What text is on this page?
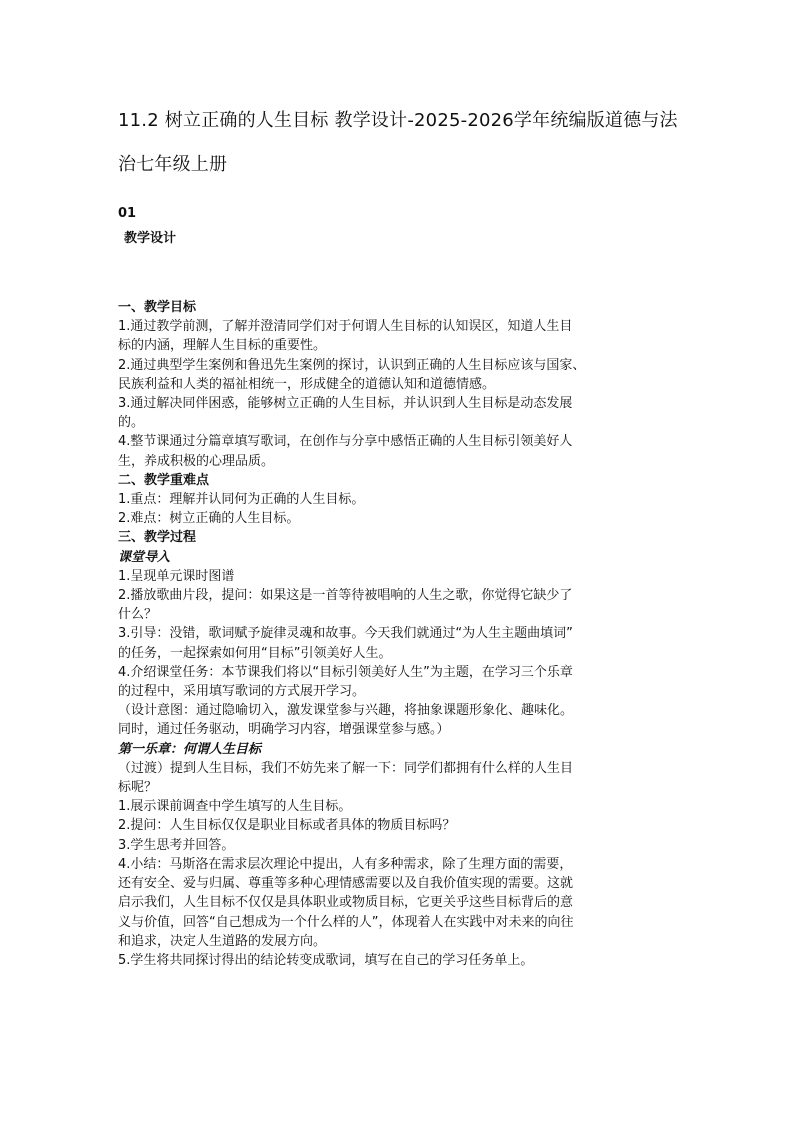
11.2 树立正确的人生目标 教学设计-2025-2026学年统编版道德与法
治七年级上册
01
教学设计

一、教学目标

1.通过教学前测，了解并澄清同学们对于何谓人生目标的认知误区，知道人生目
标的内涵，理解人生目标的重要性。

2.通过典型学生案例和鲁迅先生案例的探讨，认识到正确的人生目标应该与国家、
民族利益和人类的福祉相统一，形成健全的道德认知和道德情感。

3.通过解决同伴困惑，能够树立正确的人生目标，并认识到人生目标是动态发展
的。

4.整节课通过分篇章填写歌词，在创作与分享中感悟正确的人生目标引领美好人
生，养成积极的心理品质。

二、教学重难点

1.重点：理解并认同何为正确的人生目标。

2.难点：树立正确的人生目标。

三、教学过程

课堂导入

1.呈现单元课时图谱

2.播放歌曲片段，提问：如果这是一首等待被唱响的人生之歌，你觉得它缺少了
什么？

3.引导：没错，歌词赋予旋律灵魂和故事。今天我们就通过“为人生主题曲填词”
的任务，一起探索如何用“目标”引领美好人生。

4.介绍课堂任务：本节课我们将以“目标引领美好人生”为主题，在学习三个乐章
的过程中，采用填写歌词的方式展开学习。

（设计意图：通过隐喻切入，激发课堂参与兴趣，将抽象课题形象化、趣味化。
同时，通过任务驱动，明确学习内容，增强课堂参与感。）

第一乐章：何谓人生目标

（过渡）提到人生目标，我们不妨先来了解一下：同学们都拥有什么样的人生目
标呢？

1.展示课前调查中学生填写的人生目标。

2.提问：人生目标仅仅是职业目标或者具体的物质目标吗？

3.学生思考并回答。

4.小结：马斯洛在需求层次理论中提出，人有多种需求，除了生理方面的需要，
还有安全、爱与归属、尊重等多种心理情感需要以及自我价值实现的需要。这就
启示我们，人生目标不仅仅是具体职业或物质目标，它更关乎这些目标背后的意
义与价值，回答“自己想成为一个什么样的人”，体现着人在实践中对未来的向往
和追求，决定人生道路的发展方向。

5.学生将共同探讨得出的结论转变成歌词，填写在自己的学习任务单上。
